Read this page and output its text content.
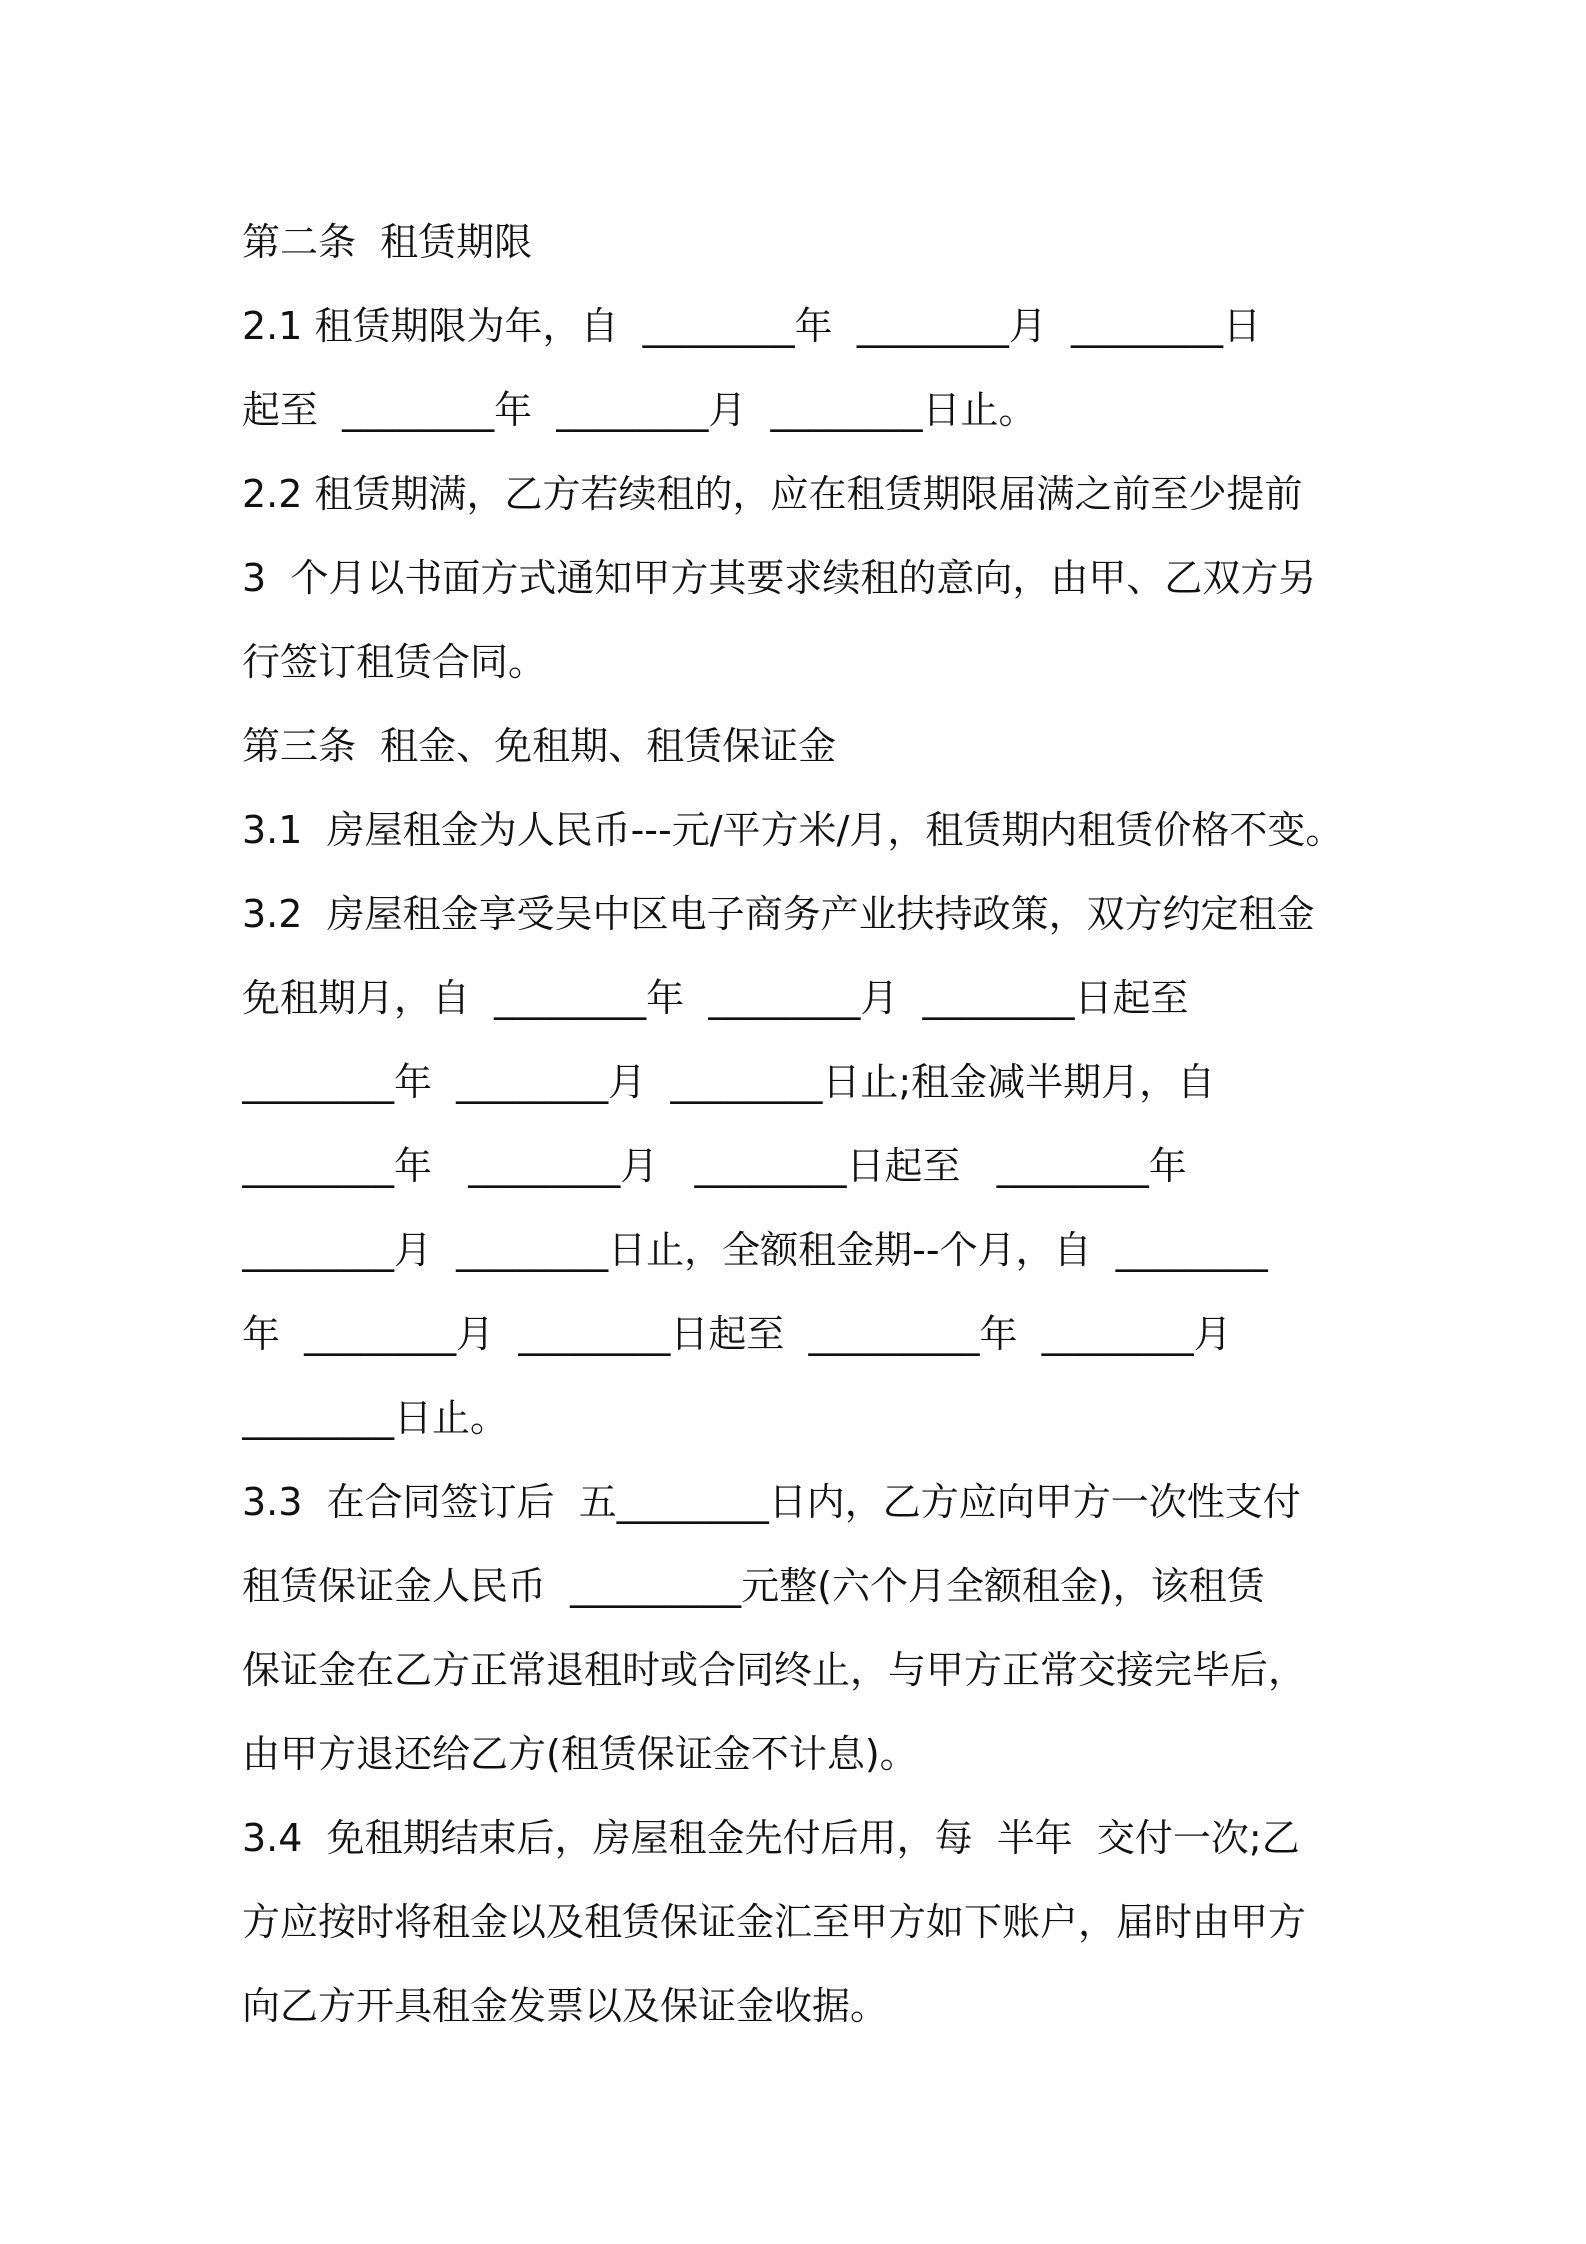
第二条  租赁期限
2.1 租赁期限为年，自  ________年  ________月  ________日
起至  ________年  ________月  ________日止。
2.2 租赁期满，乙方若续租的，应在租赁期限届满之前至少提前
3  个月以书面方式通知甲方其要求续租的意向，由甲、乙双方另
行签订租赁合同。
第三条  租金、免租期、租赁保证金
3.1  房屋租金为人民币---元/平方米/月，租赁期内租赁价格不变。
3.2  房屋租金享受吴中区电子商务产业扶持政策，双方约定租金
免租期月，自  ________年  ________月  ________日起至
________年  ________月  ________日止;租金减半期月，自
________年   ________月   ________日起至   ________年
________月  ________日止，全额租金期--个月，自  ________
年  ________月  ________日起至  _________年  ________月
________日止。
3.3  在合同签订后  五________日内，乙方应向甲方一次性支付
租赁保证金人民币  _________元整(六个月全额租金)，该租赁
保证金在乙方正常退租时或合同终止，与甲方正常交接完毕后，
由甲方退还给乙方(租赁保证金不计息)。
3.4  免租期结束后，房屋租金先付后用，每  半年  交付一次;乙
方应按时将租金以及租赁保证金汇至甲方如下账户，届时由甲方
向乙方开具租金发票以及保证金收据。
